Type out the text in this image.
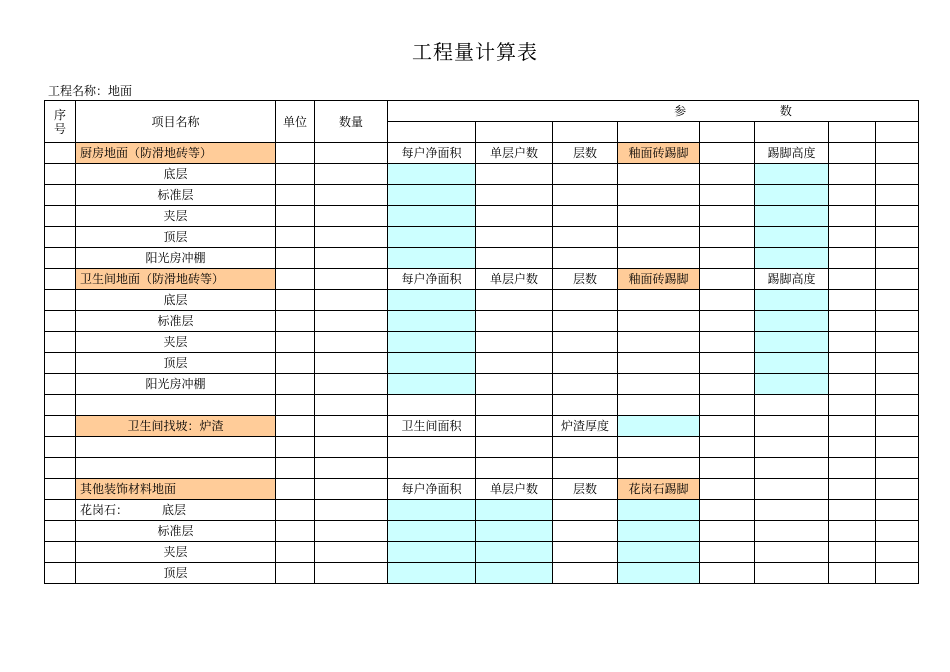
工程量计算表
工程名称：地面
序
号	项目名称	单位	数量	参 数							

	厨房地面（防滑地砖等）			每户净面积	单层户数	层数	釉面砖踢脚		踢脚高度		
	底层										
	标准层										
	夹层										
	顶层										
	阳光房冲棚										
	卫生间地面（防滑地砖等）			每户净面积	单层户数	层数	釉面砖踢脚		踢脚高度		
	底层										
	标准层										
	夹层										
	顶层										
	阳光房冲棚										

	卫生间找坡：炉渣			卫生间面积		炉渣厚度					

	其他装饰材料地面			每户净面积	单层户数	层数	花岗石踢脚				
	花岗石： 底层										
	标准层										
	夹层										
	顶层										
